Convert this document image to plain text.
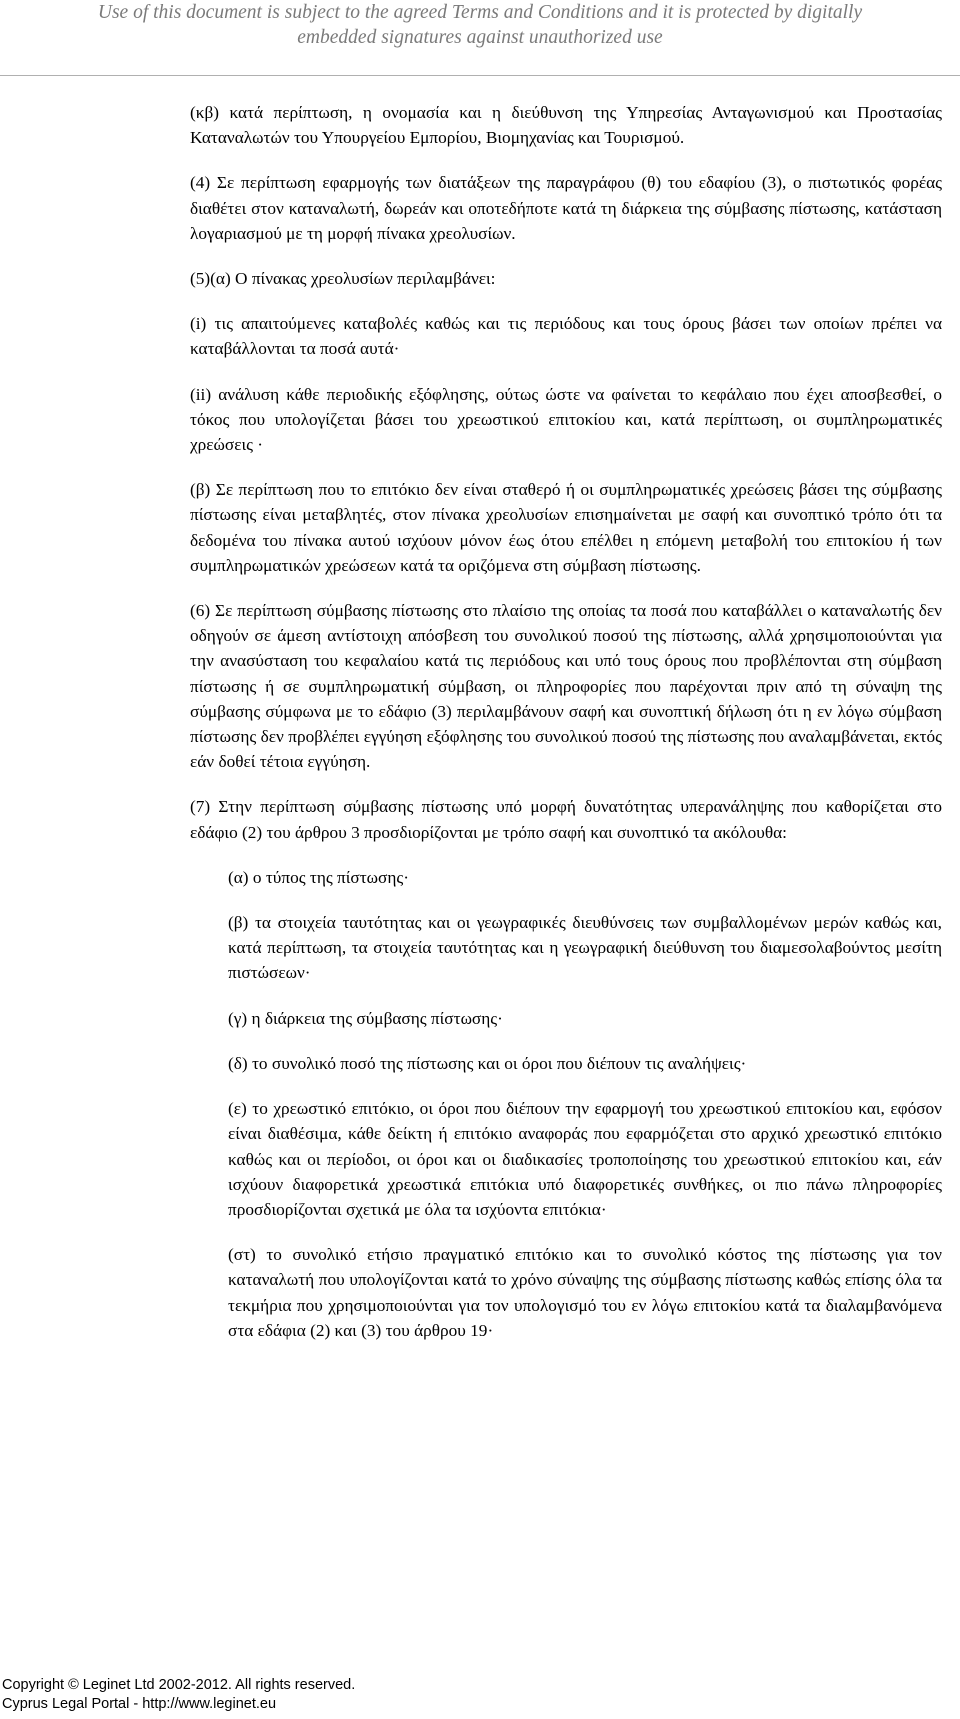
Use of this document is subject to the agreed Terms and Conditions and it is protected by digitally
embedded signatures against unauthorized use

(κβ) κατά περίπτωση, η ονομασία και η διεύθυνση της Υπηρεσίας Ανταγωνισμού και Προστασίας Καταναλωτών του Υπουργείου Εμπορίου, Βιομηχανίας και Τουρισμού.

(4) Σε περίπτωση εφαρμογής των διατάξεων της παραγράφου (θ) του εδαφίου (3), ο πιστωτικός φορέας διαθέτει στον καταναλωτή, δωρεάν και οποτεδήποτε κατά τη διάρκεια της σύμβασης πίστωσης, κατάσταση λογαριασμού με τη μορφή πίνακα χρεολυσίων.

(5)(α) Ο πίνακας χρεολυσίων περιλαμβάνει:

(i) τις απαιτούμενες καταβολές καθώς και τις περιόδους και τους όρους βάσει των οποίων πρέπει να καταβάλλονται τα ποσά αυτά·

(ii) ανάλυση κάθε περιοδικής εξόφλησης, ούτως ώστε να φαίνεται το κεφάλαιο που έχει αποσβεσθεί, ο τόκος που υπολογίζεται βάσει του χρεωστικού επιτοκίου και, κατά περίπτωση, οι συμπληρωματικές χρεώσεις ·

(β) Σε περίπτωση που το επιτόκιο δεν είναι σταθερό ή οι συμπληρωματικές χρεώσεις βάσει της σύμβασης πίστωσης είναι μεταβλητές, στον πίνακα χρεολυσίων επισημαίνεται με σαφή και συνοπτικό τρόπο ότι τα δεδομένα του πίνακα αυτού ισχύουν μόνον έως ότου επέλθει η επόμενη μεταβολή του επιτοκίου ή των συμπληρωματικών χρεώσεων κατά τα οριζόμενα στη σύμβαση πίστωσης.

(6) Σε περίπτωση σύμβασης πίστωσης στο πλαίσιο της οποίας τα ποσά που καταβάλλει ο καταναλωτής δεν οδηγούν σε άμεση αντίστοιχη απόσβεση του συνολικού ποσού της πίστωσης, αλλά χρησιμοποιούνται για την ανασύσταση του κεφαλαίου κατά τις περιόδους και υπό τους όρους που προβλέπονται στη σύμβαση πίστωσης ή σε συμπληρωματική σύμβαση, οι πληροφορίες που παρέχονται πριν από τη σύναψη της σύμβασης σύμφωνα με το εδάφιο (3) περιλαμβάνουν σαφή και συνοπτική δήλωση ότι η εν λόγω σύμβαση πίστωσης δεν προβλέπει εγγύηση εξόφλησης του συνολικού ποσού της πίστωσης που αναλαμβάνεται, εκτός εάν δοθεί τέτοια εγγύηση.

(7) Στην περίπτωση σύμβασης πίστωσης υπό μορφή δυνατότητας υπερανάληψης που καθορίζεται στο εδάφιο (2) του άρθρου 3 προσδιορίζονται με τρόπο σαφή και συνοπτικό τα ακόλουθα:

(α) ο τύπος της πίστωσης·

(β) τα στοιχεία ταυτότητας και οι γεωγραφικές διευθύνσεις των συμβαλλομένων μερών καθώς και, κατά περίπτωση, τα στοιχεία ταυτότητας και η γεωγραφική διεύθυνση του διαμεσολαβούντος μεσίτη πιστώσεων·

(γ) η διάρκεια της σύμβασης πίστωσης·

(δ) το συνολικό ποσό της πίστωσης και οι όροι που διέπουν τις αναλήψεις·

(ε) το χρεωστικό επιτόκιο, οι όροι που διέπουν την εφαρμογή του χρεωστικού επιτοκίου και, εφόσον είναι διαθέσιμα, κάθε δείκτη ή επιτόκιο αναφοράς που εφαρμόζεται στο αρχικό χρεωστικό επιτόκιο καθώς και οι περίοδοι, οι όροι και οι διαδικασίες τροποποίησης του χρεωστικού επιτοκίου και, εάν ισχύουν διαφορετικά χρεωστικά επιτόκια υπό διαφορετικές συνθήκες, οι πιο πάνω πληροφορίες προσδιορίζονται σχετικά με όλα τα ισχύοντα επιτόκια·

(στ) το συνολικό ετήσιο πραγματικό επιτόκιο και το συνολικό κόστος της πίστωσης για τον καταναλωτή που υπολογίζονται κατά το χρόνο σύναψης της σύμβασης πίστωσης καθώς επίσης όλα τα τεκμήρια που χρησιμοποιούνται για τον υπολογισμό του εν λόγω επιτοκίου κατά τα διαλαμβανόμενα στα εδάφια (2) και (3) του άρθρου 19·

Copyright © Leginet Ltd 2002-2012. All rights reserved.
Cyprus Legal Portal - http://www.leginet.eu
